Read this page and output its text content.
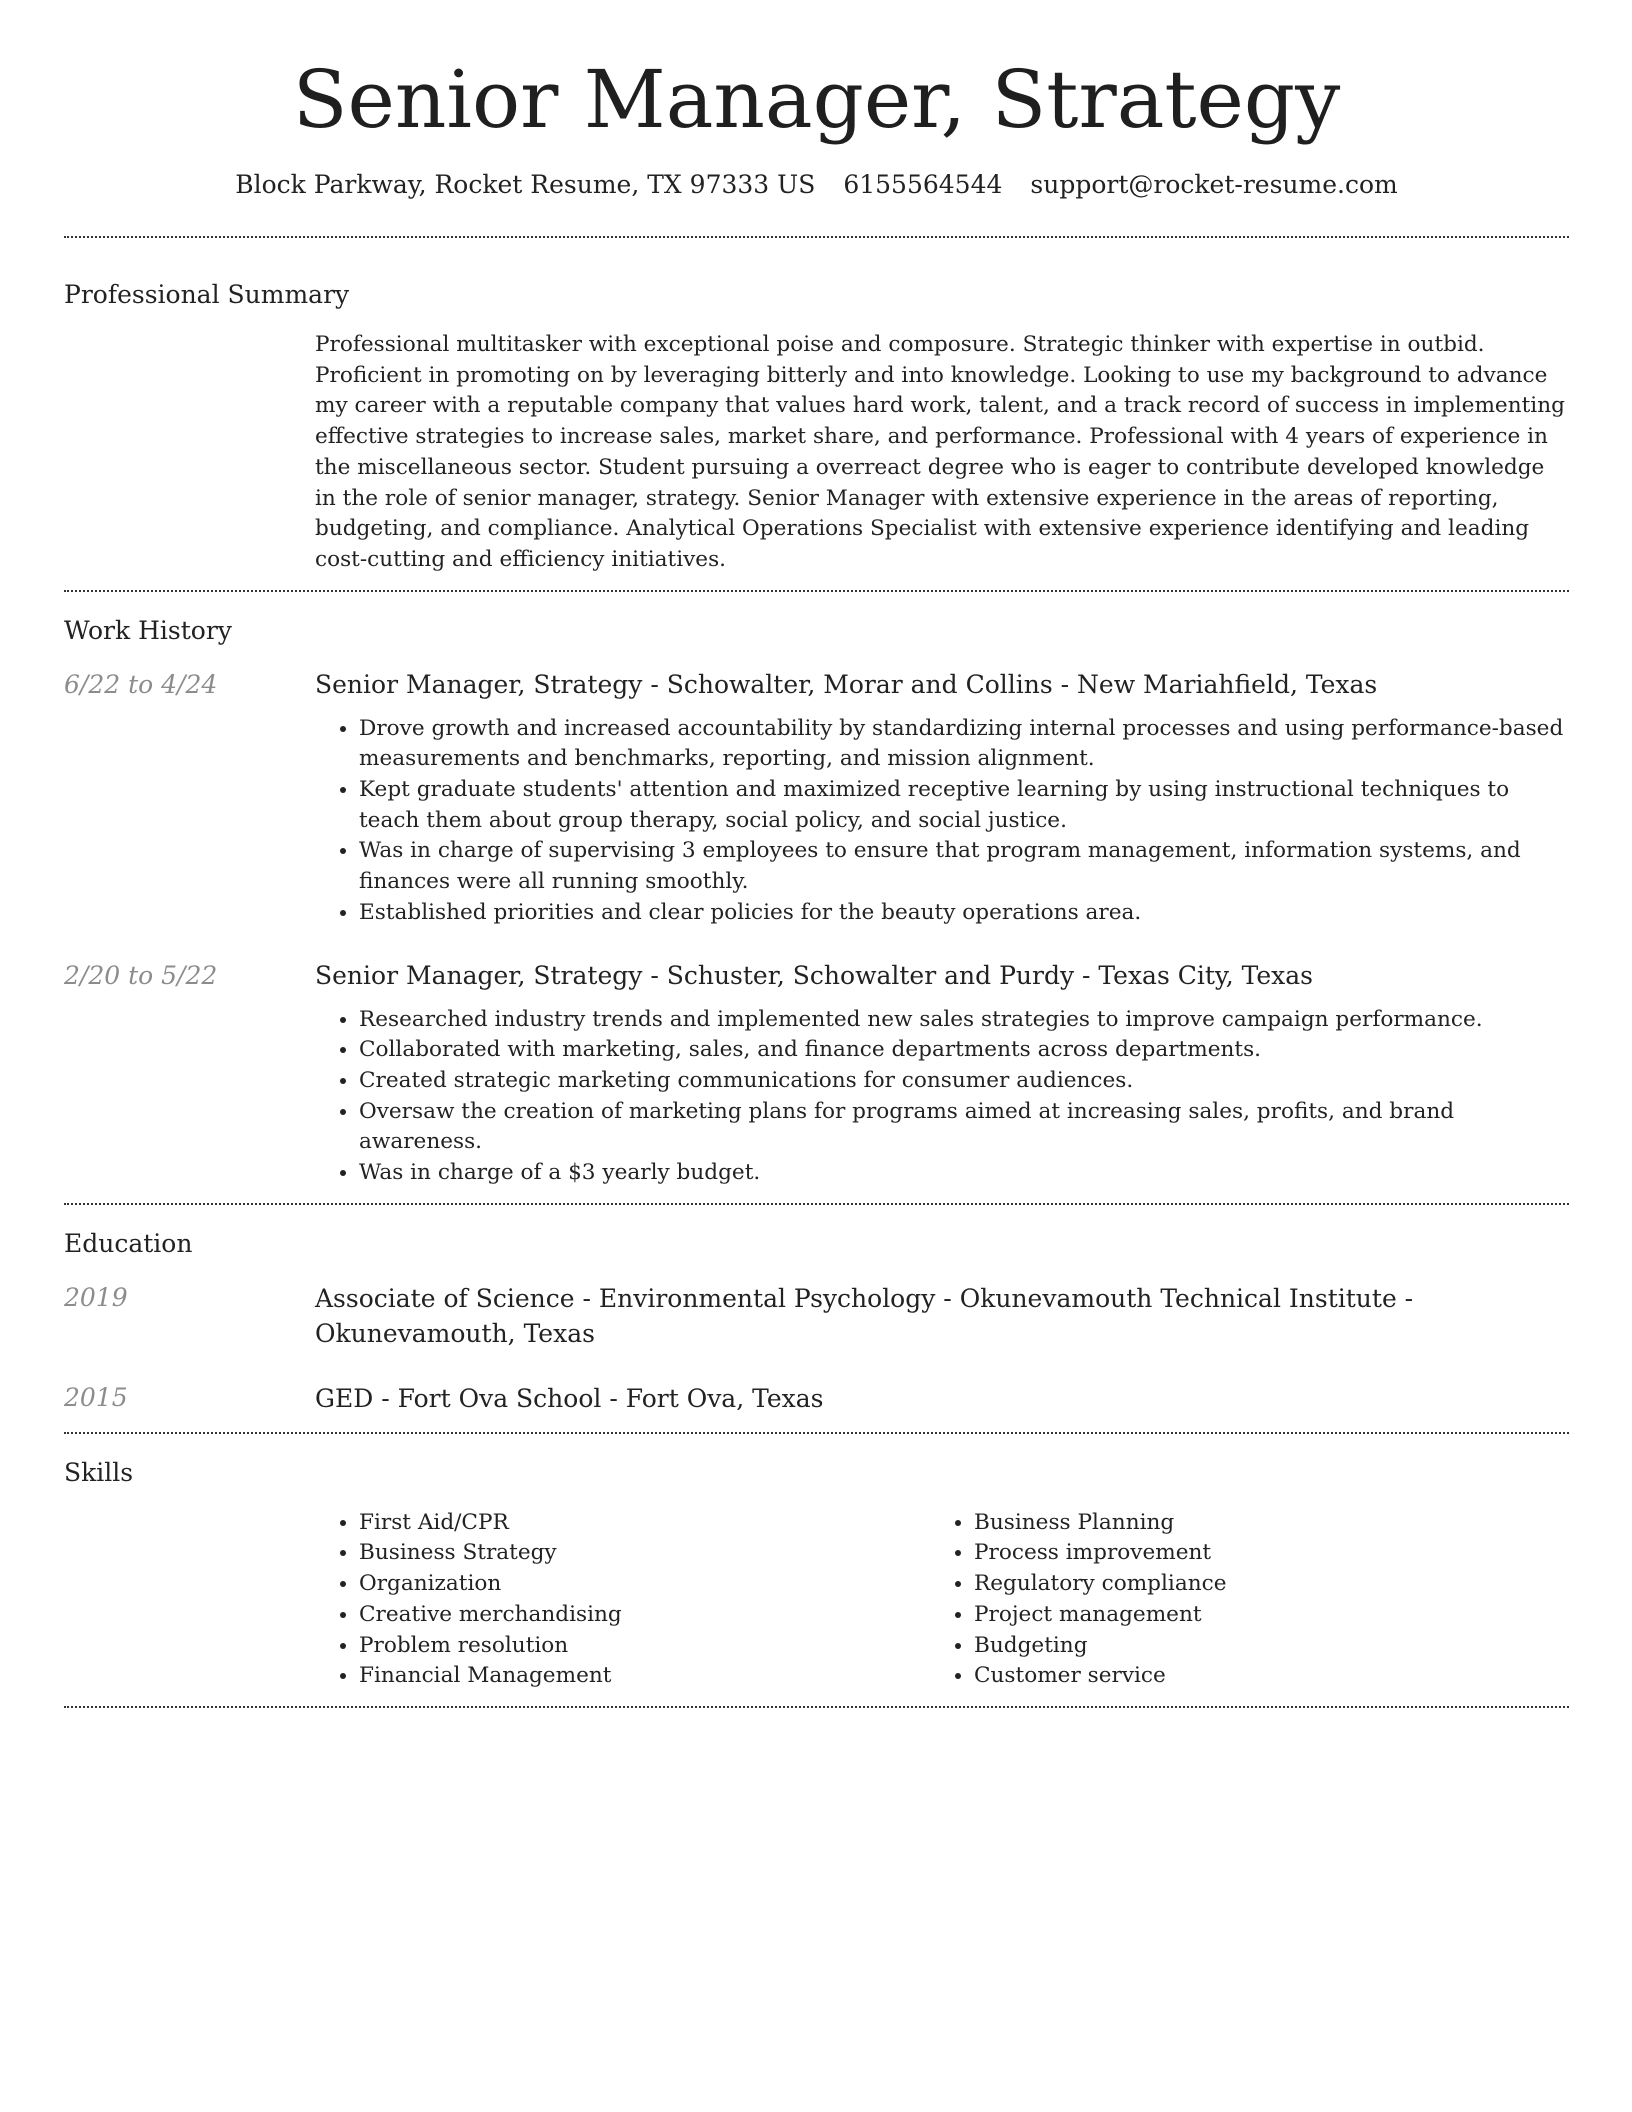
Senior Manager, Strategy
Block Parkway, Rocket Resume, TX 97333 US 6155564544 support@rocket-resume.com
Professional Summary
Professional multitasker with exceptional poise and composure. Strategic thinker with expertise in outbid. Proficient in promoting on by leveraging bitterly and into knowledge. Looking to use my background to advance my career with a reputable company that values hard work, talent, and a track record of success in implementing effective strategies to increase sales, market share, and performance. Professional with 4 years of experience in the miscellaneous sector. Student pursuing a overreact degree who is eager to contribute developed knowledge in the role of senior manager, strategy. Senior Manager with extensive experience in the areas of reporting, budgeting, and compliance. Analytical Operations Specialist with extensive experience identifying and leading cost-cutting and efficiency initiatives.
Work History
6/22 to 4/24	Senior Manager, Strategy - Schowalter, Morar and Collins - New Mariahfield, Texas
• Drove growth and increased accountability by standardizing internal processes and using performance-based measurements and benchmarks, reporting, and mission alignment.
• Kept graduate students' attention and maximized receptive learning by using instructional techniques to teach them about group therapy, social policy, and social justice.
• Was in charge of supervising 3 employees to ensure that program management, information systems, and finances were all running smoothly.
• Established priorities and clear policies for the beauty operations area.
2/20 to 5/22	Senior Manager, Strategy - Schuster, Schowalter and Purdy - Texas City, Texas
• Researched industry trends and implemented new sales strategies to improve campaign performance.
• Collaborated with marketing, sales, and finance departments across departments.
• Created strategic marketing communications for consumer audiences.
• Oversaw the creation of marketing plans for programs aimed at increasing sales, profits, and brand awareness.
• Was in charge of a $3 yearly budget.
Education
2019	Associate of Science - Environmental Psychology - Okunevamouth Technical Institute - Okunevamouth, Texas
2015	GED - Fort Ova School - Fort Ova, Texas
Skills
• First Aid/CPR
• Business Strategy
• Organization
• Creative merchandising
• Problem resolution
• Financial Management
• Business Planning
• Process improvement
• Regulatory compliance
• Project management
• Budgeting
• Customer service
